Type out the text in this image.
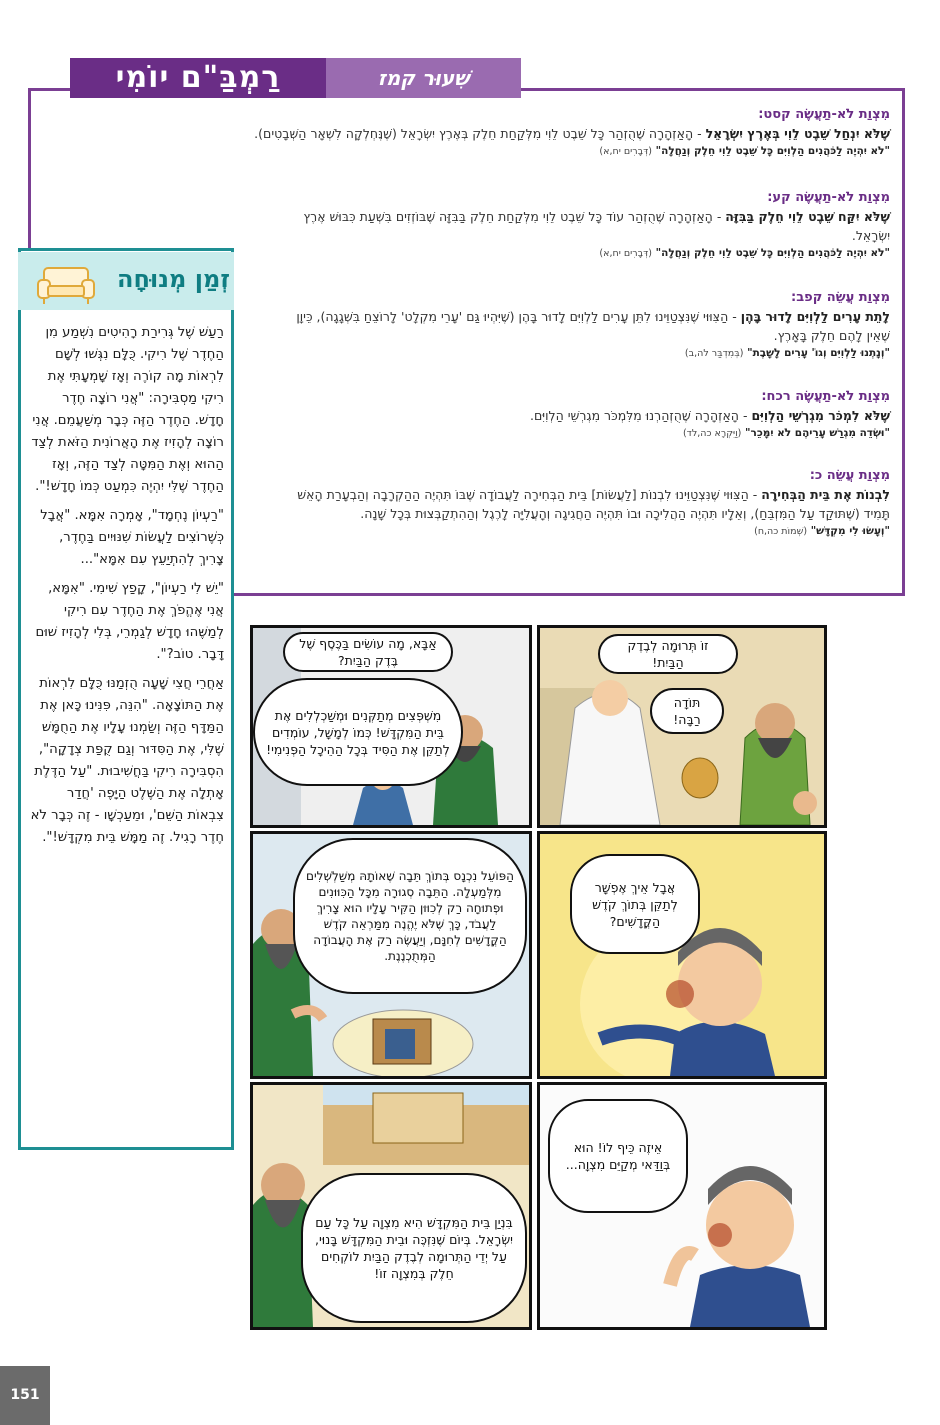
רַמְבַּ"ם יוֹמִי	שִׁעוּר קמז
מִצְוַת לֹא-תַעֲשֶׂה קסט:
שֶׁלֹּא יִנְחַל שֵׁבֶט לֵוִי בְּאֶרֶץ יִשְׂרָאֵל - הָאַזְהָרָה שֶׁהֻזְהַר כָּל שֵׁבֶט לֵוִי מִלְּקַחַת חֵלֶק בְּאֶרֶץ יִשְׂרָאֵל (שֶׁנֶּחְלְקָה לִשְׁאָר הַשְּׁבָטִים).
"לֹא יִהְיֶה לַכֹּהֲנִים הַלְוִיִּם כָּל שֵׁבֶט לֵוִי חֵלֶק וְנַחֲלָה" (דְּבָרִים יח,א)
מִצְוַת לֹא-תַעֲשֶׂה קע:
שֶׁלֹּא יִקַּח שֵׁבֶט לֵוִי חֵלֶק בַּבִּזָּה - הָאַזְהָרָה שֶׁהֻזְהַר עוֹד כָּל שֵׁבֶט לֵוִי מִלְּקַחַת חֵלֶק בַּבִּזָּה שֶׁבּוֹזְזִים בִּשְׁעַת כִּבּוּשׁ אֶרֶץ יִשְׂרָאֵל.
"לֹא יִהְיֶה לַכֹּהֲנִים הַלְוִיִּם כָּל שֵׁבֶט לֵוִי חֵלֶק וְנַחֲלָה" (דְּבָרִים יח,א)
מִצְוַת עֲשֵׂה קפב:
לָתֵת עָרִים לַלְוִיִּם לָדוּר בָּהֶן - הַצִּוּוּי שֶׁנִּצְטַוֵּינוּ לִתֵּן עָרִים לַלְוִיִּם לָדוּר בָּהֶן (שֶׁיִּהְיוּ גַּם 'עָרֵי מִקְלָט' לָרוֹצֵחַ בִּשְׁגָגָה), כֵּיוָן שֶׁאֵין לָהֶם חֵלֶק בָּאָרֶץ.
"וְנָתְנוּ לַלְוִיִּם וְגוֹ' עָרִים לָשָׁבֶת" (בְּמִדְבַּר לה,ב)
מִצְוַת לֹא-תַעֲשֶׂה רכח:
שֶׁלֹּא לִמְכֹּר מִגְרְשֵׁי הַלְוִיִּם - הָאַזְהָרָה שֶׁהֻזְהַרְנוּ מִלִּמְכֹּר מִגְרְשֵׁי הַלְוִיִּם.
"וּשְׂדֵה מִגְרַשׁ עָרֵיהֶם לֹא יִמָּכֵר" (וַיִּקְרָא כה,לד)
מִצְוַת עֲשֵׂה כ:
לִבְנוֹת אֶת בֵּית הַבְּחִירָה - הַצִּוּוּי שֶׁנִּצְטַוֵּינוּ לִבְנוֹת [לַעֲשׂוֹת] בֵּית הַבְּחִירָה לַעֲבוֹדָה שֶׁבּוֹ תִּהְיֶה הַהַקְרָבָה וְהַבְעָרַת הָאֵשׁ תָּמִיד (שֶׁתּוּקַד עַל הַמִּזְבֵּחַ), וְאֵלָיו תִּהְיֶה הַהֲלִיכָה וּבוֹ תִּהְיֶה הַחֲגִיגָה וְהָעֲלִיָּה לָרֶגֶל וְהַהִתְקַבְּצוּת בְּכָל שָׁנָה.
"וְעָשׂוּ לִי מִקְדָּשׁ" (שְׁמוֹת כה,ח)
זְמַן מְנוּחָה

רַעַשׁ שֶׁל גְּרִירַת רָהִיטִים נִשְׁמַע מִן הַחֶדֶר שֶׁל רִיקִי. כֻּלָּם נִגְּשׁוּ לְשָׁם לִרְאוֹת מָה קוֹרֶה וְאָז שָׁמְעָתִּי אֶת רִיקִי מַסְבִּירָה: "אֲנִי רוֹצָה חֶדֶר חָדָשׁ. הַחֶדֶר הַזֶּה כְּבָר מְשַׁעֲמֵם. אֲנִי רוֹצָה לְהָזִיז אֶת הָאֲרוֹנִית הַזֹּאת לְצַד הַהוּא וְאֶת הַמִּטָּה לְצַד הַזֶּה, וְאָז הַחֶדֶר שֶׁלִּי יִהְיֶה כִּמְעַט כְּמוֹ חָדָשׁ!".

"רַעְיוֹן נֶחְמָד", אָמְרָה אִמָּא. "אֲבָל כְּשֶׁרוֹצִים לַעֲשׂוֹת שִׁנּוּיִים בַּחֶדֶר, צָרִיךְ לְהִתְיַעֵץ עִם אִמָּא"...

"יֵשׁ לִי רַעְיוֹן", קָפַץ שִׁימִי. "אִמָּא, אֲנִי אֶהֱפֹךְ אֶת הַחֶדֶר עִם רִיקִי לְמַשֶּׁהוּ חָדָשׁ לְגַמְרֵי, בְּלִי לְהָזִיז שׁוּם דָּבָר. טוֹב?".

אַחֲרֵי חֲצִי שָׁעָה הֻזְמַנּוּ כֻּלָּם לִרְאוֹת אֶת הַתּוֹצָאָה. "הִנֵּה, פִּנִּינוּ כָּאן אֶת הַמַּדָּף הַזֶּה וְשַׂמְנוּ עָלָיו אֶת הַחֻמָּשׁ שֶׁלִּי, אֶת הַסִּדּוּר וְגַם קֻפַּת צְדָקָה", הִסְבִּירָה רִיקִי בַּחֲשִׁיבוּת. "עַל הַדֶּלֶת אָתְלָה אֶת הַשֶּׁלֶט הַיָּפֶה 'חֲדַר צִבְאוֹת הַשֵּׁם', וּמֵעַכְשָׁו - זֶה כְּבָר לֹא חֶדֶר רָגִיל. זֶה מַמָּשׁ בֵּית מִקְדָּשׁ!".

זוֹ תְּרוּמָה לְבֶדֶק הַבַּיִת!
תּוֹדָה רַבָּה!
אַבָּא, מָה עוֹשִׂים בַּכֶּסֶף שֶׁל בֶּדֶק הַבַּיִת?
מִשְׁפְּצִים מְתַקְּנִים וּמְשַׁכְלְלִים אֶת בֵּית הַמִּקְדָּשׁ! כְּמוֹ לְמָשָׁל, עוֹמְדִים לְתַקֵּן אֶת הַסִּיד בְּכָל הַהֵיכָל הַפְּנִימִי!
אֲבָל אֵיךְ אֶפְשָׁר לְתַקֵּן בְּתוֹךְ קֹדֶשׁ הַקֳּדָשִׁים?
הַפּוֹעֵל נִכְנָס בְּתוֹךְ תֵּבָה שֶׁאוֹתָהּ מְשַׁלְשְׁלִים מִלְּמַעְלָה. הַתֵּבָה סְגוּרָה מִכָּל הַכִּוּוּנִים וּפְתוּחָה רַק לְכִוּוּן הַקִּיר עָלָיו הוּא צָרִיךְ לַעֲבֹד, כָּךְ שֶׁלֹּא יֶהֱנֶה מִמַּרְאֵה קֹדֶשׁ הַקֳּדָשִׁים לְחִנָּם, וְיַעֲשֶׂה רַק אֶת הָעֲבוֹדָה הַמְּתֻכְנֶנֶת.
אֵיזֶה כֵּיף לוֹ! הוּא בְּוַדַּאי מְקַיֵּם מִצְוָה...
בִּנְיַן בֵּית הַמִּקְדָּשׁ הִיא מִצְוָה עַל כָּל עַם יִשְׂרָאֵל. בְּיוֹם שֶׁנִּזְכֶּה וּבֵית הַמִּקְדָּשׁ בָּנוּי, עַל יְדֵי הַתְּרוּמָה לְבֶדֶק הַבַּיִת לוֹקְחִים חֵלֶק בְּמִצְוָה זוֹ!
151
